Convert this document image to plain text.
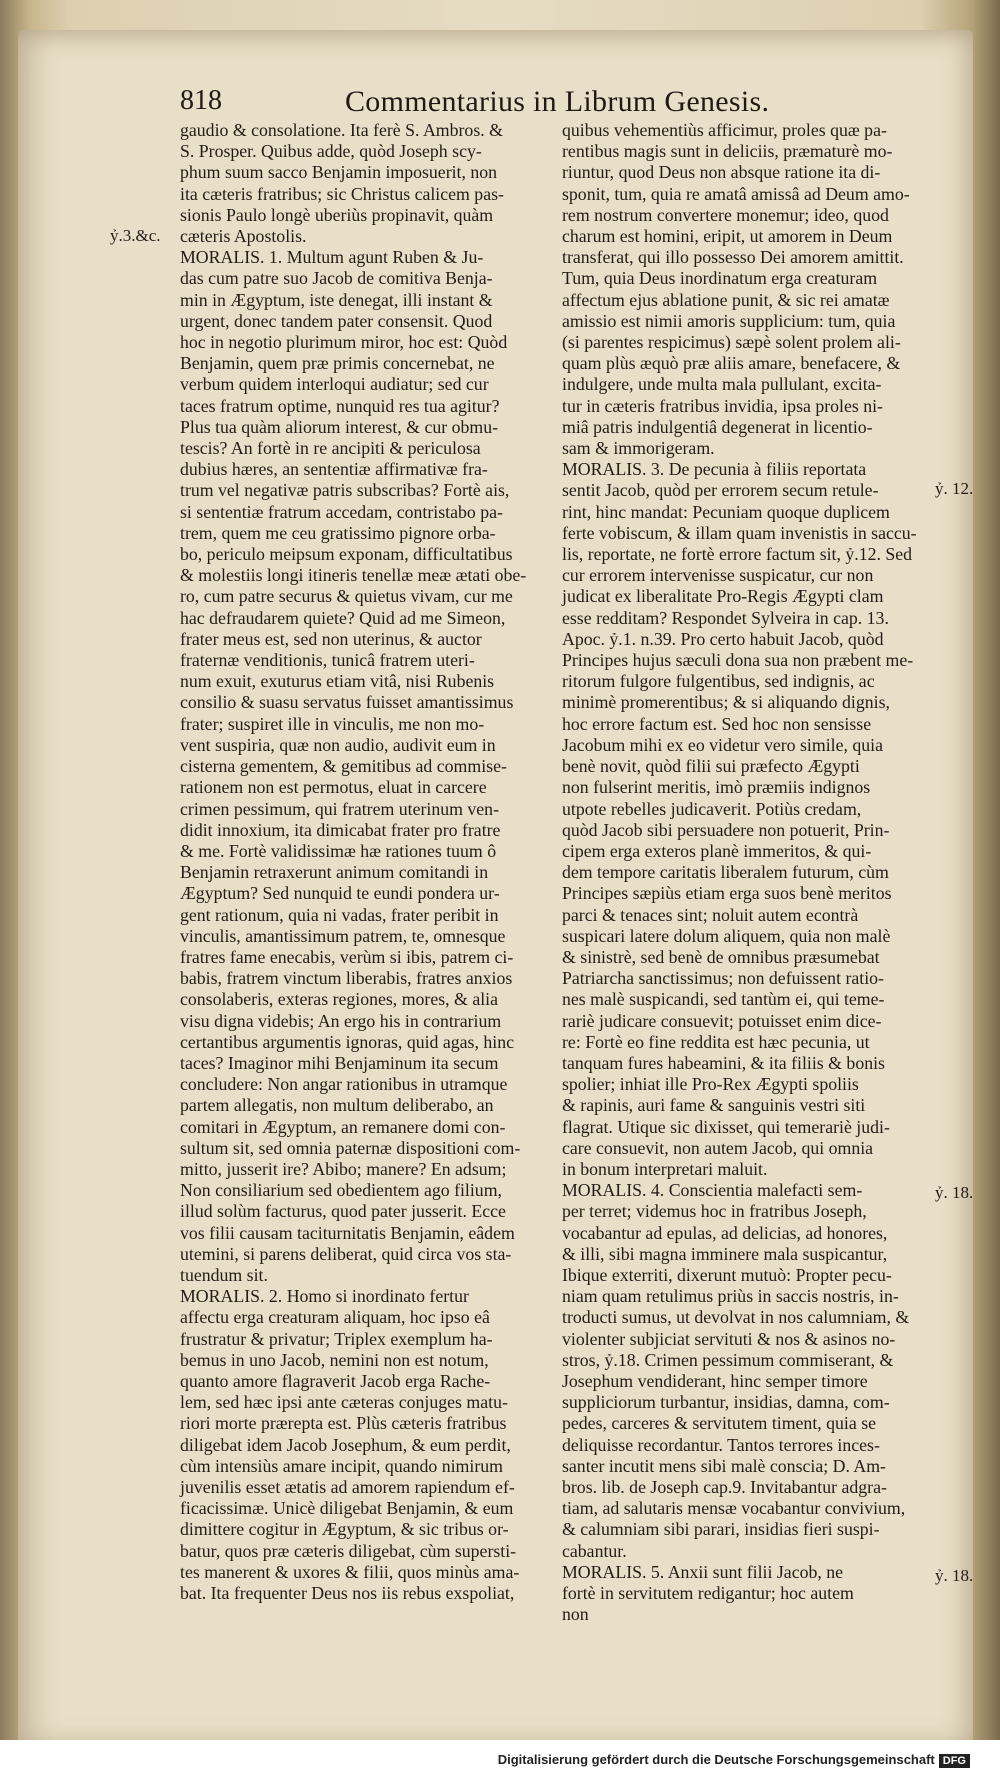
818	Commentarius in Librum Genesis.

gaudio & consolatione. Ita ferè S. Ambros. &

S. Prosper. Quibus adde, quòd Joseph scy-

phum suum sacco Benjamin imposuerit, non

ita cæteris fratribus; sic Christus calicem pas-

sionis Paulo longè uberiùs propinavit, quàm

cæteris Apostolis.

MORALIS. 1. Multum agunt Ruben & Ju-

das cum patre suo Jacob de comitiva Benja-

min in Ægyptum, iste denegat, illi instant &

urgent, donec tandem pater consensit. Quod

hoc in negotio plurimum miror, hoc est: Quòd

Benjamin, quem præ primis concernebat, ne

verbum quidem interloqui audiatur; sed cur

taces fratrum optime, nunquid res tua agitur?

Plus tua quàm aliorum interest, & cur obmu-

tescis? An fortè in re ancipiti & periculosa

dubius hæres, an sententiæ affirmativæ fra-

trum vel negativæ patris subscribas? Fortè ais,

si sententiæ fratrum accedam, contristabo pa-

trem, quem me ceu gratissimo pignore orba-

bo, periculo meipsum exponam, difficultatibus

& molestiis longi itineris tenellæ meæ ætati obe-

ro, cum patre securus & quietus vivam, cur me

hac defraudarem quiete? Quid ad me Simeon,

frater meus est, sed non uterinus, & auctor

fraternæ venditionis, tunicâ fratrem uteri-

num exuit, exuturus etiam vitâ, nisi Rubenis

consilio & suasu servatus fuisset amantissimus

frater; suspiret ille in vinculis, me non mo-

vent suspiria, quæ non audio, audivit eum in

cisterna gementem, & gemitibus ad commise-

rationem non est permotus, eluat in carcere

crimen pessimum, qui fratrem uterinum ven-

didit innoxium, ita dimicabat frater pro fratre

& me. Fortè validissimæ hæ rationes tuum ô

Benjamin retraxerunt animum comitandi in

Ægyptum? Sed nunquid te eundi pondera ur-

gent rationum, quia ni vadas, frater peribit in

vinculis, amantissimum patrem, te, omnesque

fratres fame enecabis, verùm si ibis, patrem ci-

babis, fratrem vinctum liberabis, fratres anxios

consolaberis, exteras regiones, mores, & alia

visu digna videbis; An ergo his in contrarium

certantibus argumentis ignoras, quid agas, hinc

taces? Imaginor mihi Benjaminum ita secum

concludere: Non angar rationibus in utramque

partem allegatis, non multum deliberabo, an

comitari in Ægyptum, an remanere domi con-

sultum sit, sed omnia paternæ dispositioni com-

mitto, jusserit ire? Abibo; manere? En adsum;

Non consiliarium sed obedientem ago filium,

illud solùm facturus, quod pater jusserit. Ecce

vos filii causam taciturnitatis Benjamin, eâdem

utemini, si parens deliberat, quid circa vos sta-

tuendum sit.

MORALIS. 2. Homo si inordinato fertur

affectu erga creaturam aliquam, hoc ipso eâ

frustratur & privatur; Triplex exemplum ha-

bemus in uno Jacob, nemini non est notum,

quanto amore flagraverit Jacob erga Rache-

lem, sed hæc ipsi ante cæteras conjuges matu-

riori morte prærepta est. Plùs cæteris fratribus

diligebat idem Jacob Josephum, & eum perdit,

cùm intensiùs amare incipit, quando nimirum

juvenilis esset ætatis ad amorem rapiendum ef-

ficacissimæ. Unicè diligebat Benjamin, & eum

dimittere cogitur in Ægyptum, & sic tribus or-

batur, quos præ cæteris diligebat, cùm supersti-

tes manerent & uxores & filii, quos minùs ama-

bat. Ita frequenter Deus nos iis rebus exspoliat,

quibus vehementiùs afficimur, proles quæ pa-

rentibus magis sunt in deliciis, præmaturè mo-

riuntur, quod Deus non absque ratione ita di-

sponit, tum, quia re amatâ amissâ ad Deum amo-

rem nostrum convertere monemur; ideo, quod

charum est homini, eripit, ut amorem in Deum

transferat, qui illo possesso Dei amorem amittit.

Tum, quia Deus inordinatum erga creaturam

affectum ejus ablatione punit, & sic rei amatæ

amissio est nimii amoris supplicium: tum, quia

(si parentes respicimus) sæpè solent prolem ali-

quam plùs æquò præ aliis amare, benefacere, &

indulgere, unde multa mala pullulant, excita-

tur in cæteris fratribus invidia, ipsa proles ni-

miâ patris indulgentiâ degenerat in licentio-

sam & immorigeram.

MORALIS. 3. De pecunia à filiis reportata

sentit Jacob, quòd per errorem secum retule-

rint, hinc mandat: Pecuniam quoque duplicem

ferte vobiscum, & illam quam invenistis in saccu-

lis, reportate, ne fortè errore factum sit, ỷ.12. Sed

cur errorem intervenisse suspicatur, cur non

judicat ex liberalitate Pro-Regis Ægypti clam

esse redditam? Respondet Sylveira in cap. 13.

Apoc. ỷ.1. n.39. Pro certo habuit Jacob, quòd

Principes hujus sæculi dona sua non præbent me-

ritorum fulgore fulgentibus, sed indignis, ac

minimè promerentibus; & si aliquando dignis,

hoc errore factum est. Sed hoc non sensisse

Jacobum mihi ex eo videtur vero simile, quia

benè novit, quòd filii sui præfecto Ægypti

non fulserint meritis, imò præmiis indignos

utpote rebelles judicaverit. Potiùs credam,

quòd Jacob sibi persuadere non potuerit, Prin-

cipem erga exteros planè immeritos, & qui-

dem tempore caritatis liberalem futurum, cùm

Principes sæpiùs etiam erga suos benè meritos

parci & tenaces sint; noluit autem econtrà

suspicari latere dolum aliquem, quia non malè

& sinistrè, sed benè de omnibus præsumebat

Patriarcha sanctissimus; non defuissent ratio-

nes malè suspicandi, sed tantùm ei, qui teme-

rariè judicare consuevit; potuisset enim dice-

re: Fortè eo fine reddita est hæc pecunia, ut

tanquam fures habeamini, & ita filiis & bonis

spolier; inhiat ille Pro-Rex Ægypti spoliis

& rapinis, auri fame & sanguinis vestri siti

flagrat. Utique sic dixisset, qui temerariè judi-

care consuevit, non autem Jacob, qui omnia

in bonum interpretari maluit.

MORALIS. 4. Conscientia malefacti sem-

per terret; videmus hoc in fratribus Joseph,

vocabantur ad epulas, ad delicias, ad honores,

& illi, sibi magna imminere mala suspicantur,

Ibique exterriti, dixerunt mutuò: Propter pecu-

niam quam retulimus priùs in saccis nostris, in-

troducti sumus, ut devolvat in nos calumniam, &

violenter subjiciat servituti & nos & asinos no-

stros, ỷ.18. Crimen pessimum commiserant, &

Josephum vendiderant, hinc semper timore

suppliciorum turbantur, insidias, damna, com-

pedes, carceres & servitutem timent, quia se

deliquisse recordantur. Tantos terrores inces-

santer incutit mens sibi malè conscia; D. Am-

bros. lib. de Joseph cap.9. Invitabantur adgra-

tiam, ad salutaris mensæ vocabantur convivium,

& calumniam sibi parari, insidias fieri suspi-

cabantur.

MORALIS. 5. Anxii sunt filii Jacob, ne

fortè in servitutem redigantur; hoc autem

non

ỷ.3.&c.
ỷ. 12.
ỷ. 18.
ỷ. 18.
Digitalisierung gefördert durch die Deutsche Forschungsgemeinschaft DFG
